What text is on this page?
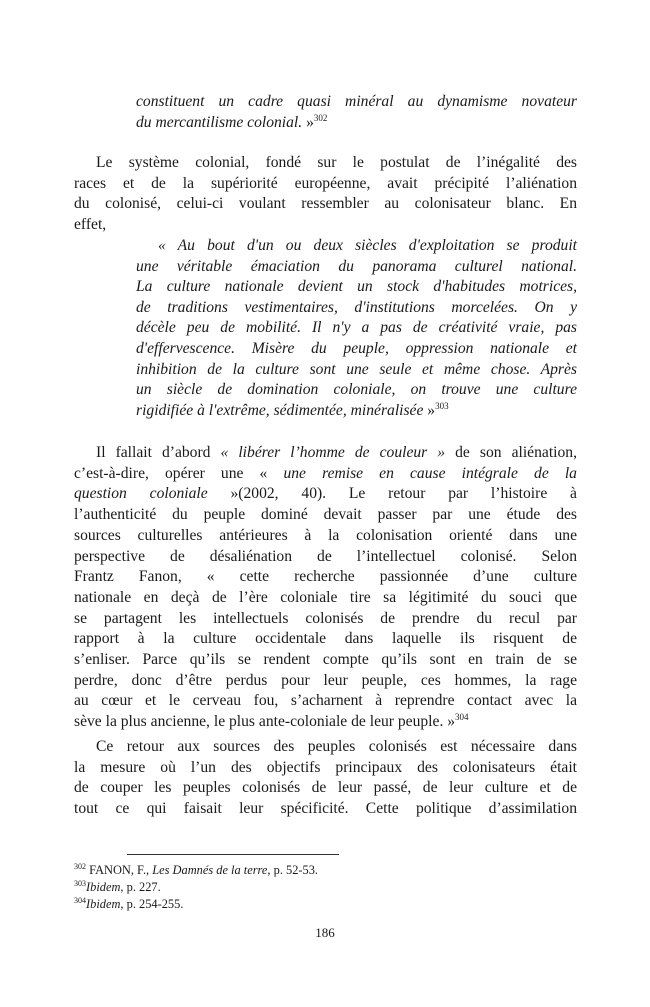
constituent un cadre quasi minéral au dynamisme novateur
du mercantilisme colonial. »$^{302}$
Le système colonial, fondé sur le postulat de l’inégalité des
races et de la supériorité européenne, avait précipité l’aliénation
du colonisé, celui-ci voulant ressembler au colonisateur blanc. En
effet,
« Au bout d'un ou deux siècles d'exploitation se produit
une véritable émaciation du panorama culturel national.
La culture nationale devient un stock d'habitudes motrices,
de traditions vestimentaires, d'institutions morcelées. On y
décèle peu de mobilité. Il n'y a pas de créativité vraie, pas
d'effervescence. Misère du peuple, oppression nationale et
inhibition de la culture sont une seule et même chose. Après
un siècle de domination coloniale, on trouve une culture
rigidifiée à l'extrême, sédimentée, minéralisée »$^{303}$
Il fallait d’abord « libérer l’homme de couleur » de son aliénation,
c’est-à-dire, opérer une « une remise en cause intégrale de la
question coloniale »(2002, 40). Le retour par l’histoire à
l’authenticité du peuple dominé devait passer par une étude des
sources culturelles antérieures à la colonisation orienté dans une
perspective de désaliénation de l’intellectuel colonisé. Selon
Frantz Fanon, « cette recherche passionnée d’une culture
nationale en deçà de l’ère coloniale tire sa légitimité du souci que
se partagent les intellectuels colonisés de prendre du recul par
rapport à la culture occidentale dans laquelle ils risquent de
s’enliser. Parce qu’ils se rendent compte qu’ils sont en train de se
perdre, donc d’être perdus pour leur peuple, ces hommes, la rage
au cœur et le cerveau fou, s’acharnent à reprendre contact avec la
sève la plus ancienne, le plus ante-coloniale de leur peuple. »$^{304}$
Ce retour aux sources des peuples colonisés est nécessaire dans
la mesure où l’un des objectifs principaux des colonisateurs était
de couper les peuples colonisés de leur passé, de leur culture et de
tout ce qui faisait leur spécificité. Cette politique d’assimilation
$^{302}$ FANON, F., Les Damnés de la terre, p. 52-53.
$^{303}$Ibidem, p. 227.
$^{304}$Ibidem, p. 254-255.
186
